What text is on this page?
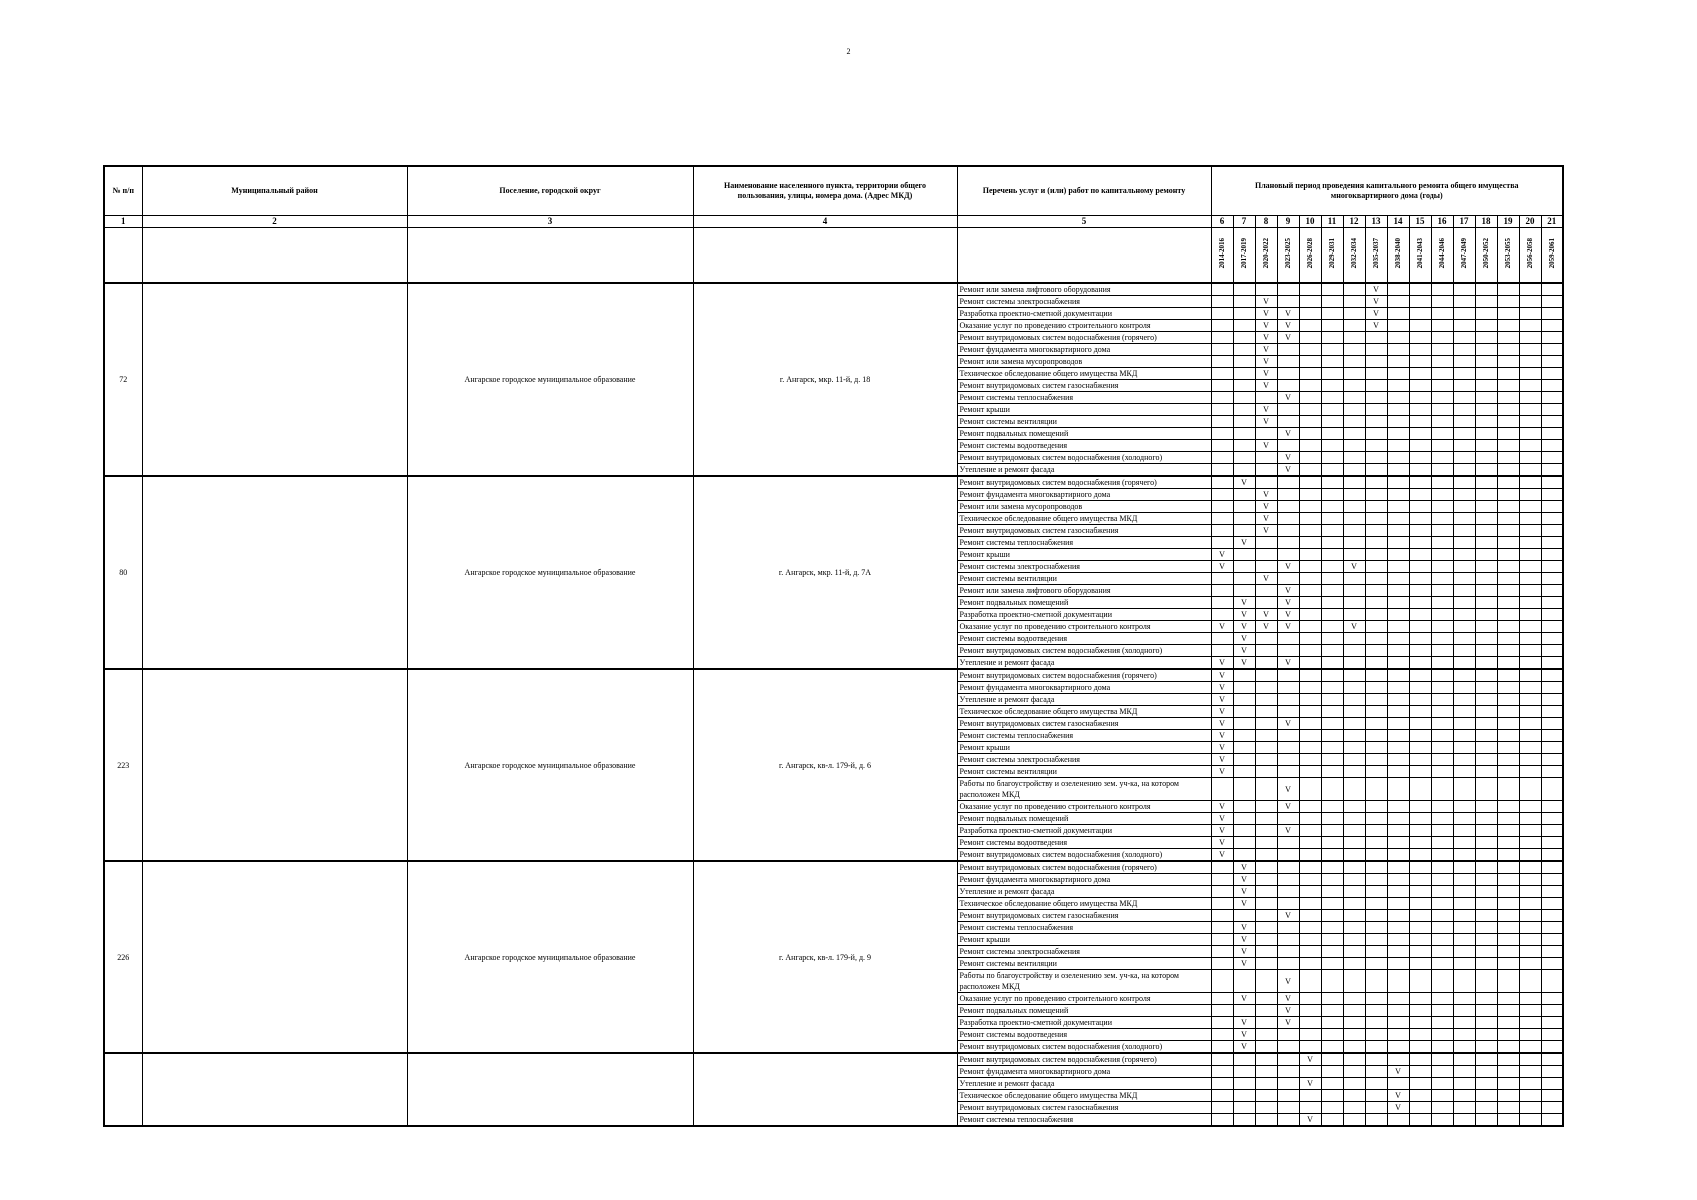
2
№ п/п	Муниципальный район	Поселение, городской округ	Наименование населенного пункта, территории общего пользования, улицы, номера дома. (Адрес МКД)	Перечень услуг и (или) работ по капитальному ремонту	Плановый период проведения капитального ремонта общего имущества многоквартирного дома (годы)															
1	2	3	4	5	6	7	8	9	10	11	12	13	14	15	16	17	18	19	20	21
					2014-2016	2017-2019	2020-2022	2023-2025	2026-2028	2029-2031	2032-2034	2035-2037	2038-2040	2041-2043	2044-2046	2047-2049	2050-2052	2053-2055	2056-2058	2059-2061
72		Ангарское городское муниципальное образование	г. Ангарск, мкр. 11-й, д. 18	Ремонт или замена лифтового оборудования								V								
				Ремонт системы электроснабжения			V					V								
				Разработка проектно-сметной документации			V	V				V								
				Оказание услуг по проведению строительного контроля			V	V				V								
				Ремонт внутридомовых систем водоснабжения (горячего)			V	V												
				Ремонт фундамента многоквартирного дома			V													
				Ремонт или замена мусоропроводов			V													
				Техническое обследование общего имущества МКД			V													
				Ремонт внутридомовых систем газоснабжения			V													
				Ремонт системы теплоснабжения				V												
				Ремонт крыши			V													
				Ремонт системы вентиляции			V													
				Ремонт подвальных помещений				V												
				Ремонт системы водоотведения			V													
				Ремонт внутридомовых систем водоснабжения (холодного)				V												
				Утепление и ремонт фасада				V												
80		Ангарское городское муниципальное образование	г. Ангарск, мкр. 11-й, д. 7А	Ремонт внутридомовых систем водоснабжения (горячего)		V														
				Ремонт фундамента многоквартирного дома			V													
				Ремонт или замена мусоропроводов			V													
				Техническое обследование общего имущества МКД			V													
				Ремонт внутридомовых систем газоснабжения			V													
				Ремонт системы теплоснабжения		V														
				Ремонт крыши	V															
				Ремонт системы электроснабжения	V			V			V									
				Ремонт системы вентиляции			V													
				Ремонт или замена лифтового оборудования				V												
				Ремонт подвальных помещений		V		V												
				Разработка проектно-сметной документации		V	V	V												
				Оказание услуг по проведению строительного контроля	V	V	V	V			V									
				Ремонт системы водоотведения		V														
				Ремонт внутридомовых систем водоснабжения (холодного)		V														
				Утепление и ремонт фасада	V	V		V												
223		Ангарское городское муниципальное образование	г. Ангарск, кв-л. 179-й, д. 6	Ремонт внутридомовых систем водоснабжения (горячего)	V															
				Ремонт фундамента многоквартирного дома	V															
				Утепление и ремонт фасада	V															
				Техническое обследование общего имущества МКД	V															
				Ремонт внутридомовых систем газоснабжения	V			V												
				Ремонт системы теплоснабжения	V															
				Ремонт крыши	V															
				Ремонт системы электроснабжения	V															
				Ремонт системы вентиляции	V															
				Работы по благоустройству и озеленению зем. уч-ка, на котором расположен МКД				V												
				Оказание услуг по проведению строительного контроля	V			V												
				Ремонт подвальных помещений	V															
				Разработка проектно-сметной документации	V			V												
				Ремонт системы водоотведения	V															
				Ремонт внутридомовых систем водоснабжения (холодного)	V															
226		Ангарское городское муниципальное образование	г. Ангарск, кв-л. 179-й, д. 9	Ремонт внутридомовых систем водоснабжения (горячего)		V														
				Ремонт фундамента многоквартирного дома		V														
				Утепление и ремонт фасада		V														
				Техническое обследование общего имущества МКД		V														
				Ремонт внутридомовых систем газоснабжения				V												
				Ремонт системы теплоснабжения		V														
				Ремонт крыши		V														
				Ремонт системы электроснабжения		V														
				Ремонт системы вентиляции		V														
				Работы по благоустройству и озеленению зем. уч-ка, на котором расположен МКД				V												
				Оказание услуг по проведению строительного контроля		V		V												
				Ремонт подвальных помещений				V												
				Разработка проектно-сметной документации		V		V												
				Ремонт системы водоотведения		V														
				Ремонт внутридомовых систем водоснабжения (холодного)		V														
				Ремонт внутридомовых систем водоснабжения (горячего)					V											
				Ремонт фундамента многоквартирного дома									V							
				Утепление и ремонт фасада					V											
				Техническое обследование общего имущества МКД									V							
				Ремонт внутридомовых систем газоснабжения									V							
				Ремонт системы теплоснабжения					V											
